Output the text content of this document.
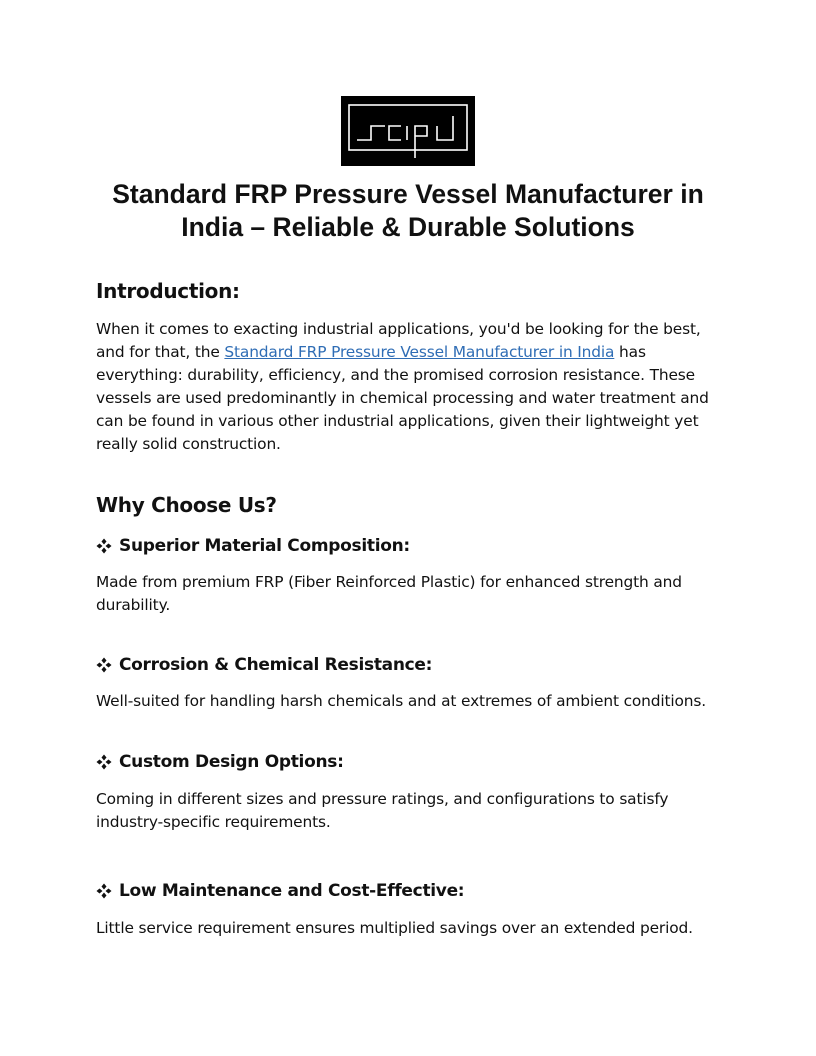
Standard FRP Pressure Vessel Manufacturer in
India – Reliable & Durable Solutions
Introduction:
When it comes to exacting industrial applications, you'd be looking for the best,
and for that, the Standard FRP Pressure Vessel Manufacturer in India has
everything: durability, efficiency, and the promised corrosion resistance. These
vessels are used predominantly in chemical processing and water treatment and
can be found in various other industrial applications, given their lightweight yet
really solid construction.
Why Choose Us?
Superior Material Composition:
Made from premium FRP (Fiber Reinforced Plastic) for enhanced strength and
durability.
Corrosion & Chemical Resistance:
Well-suited for handling harsh chemicals and at extremes of ambient conditions.
Custom Design Options:
Coming in different sizes and pressure ratings, and configurations to satisfy
industry-specific requirements.
Low Maintenance and Cost-Effective:
Little service requirement ensures multiplied savings over an extended period.
